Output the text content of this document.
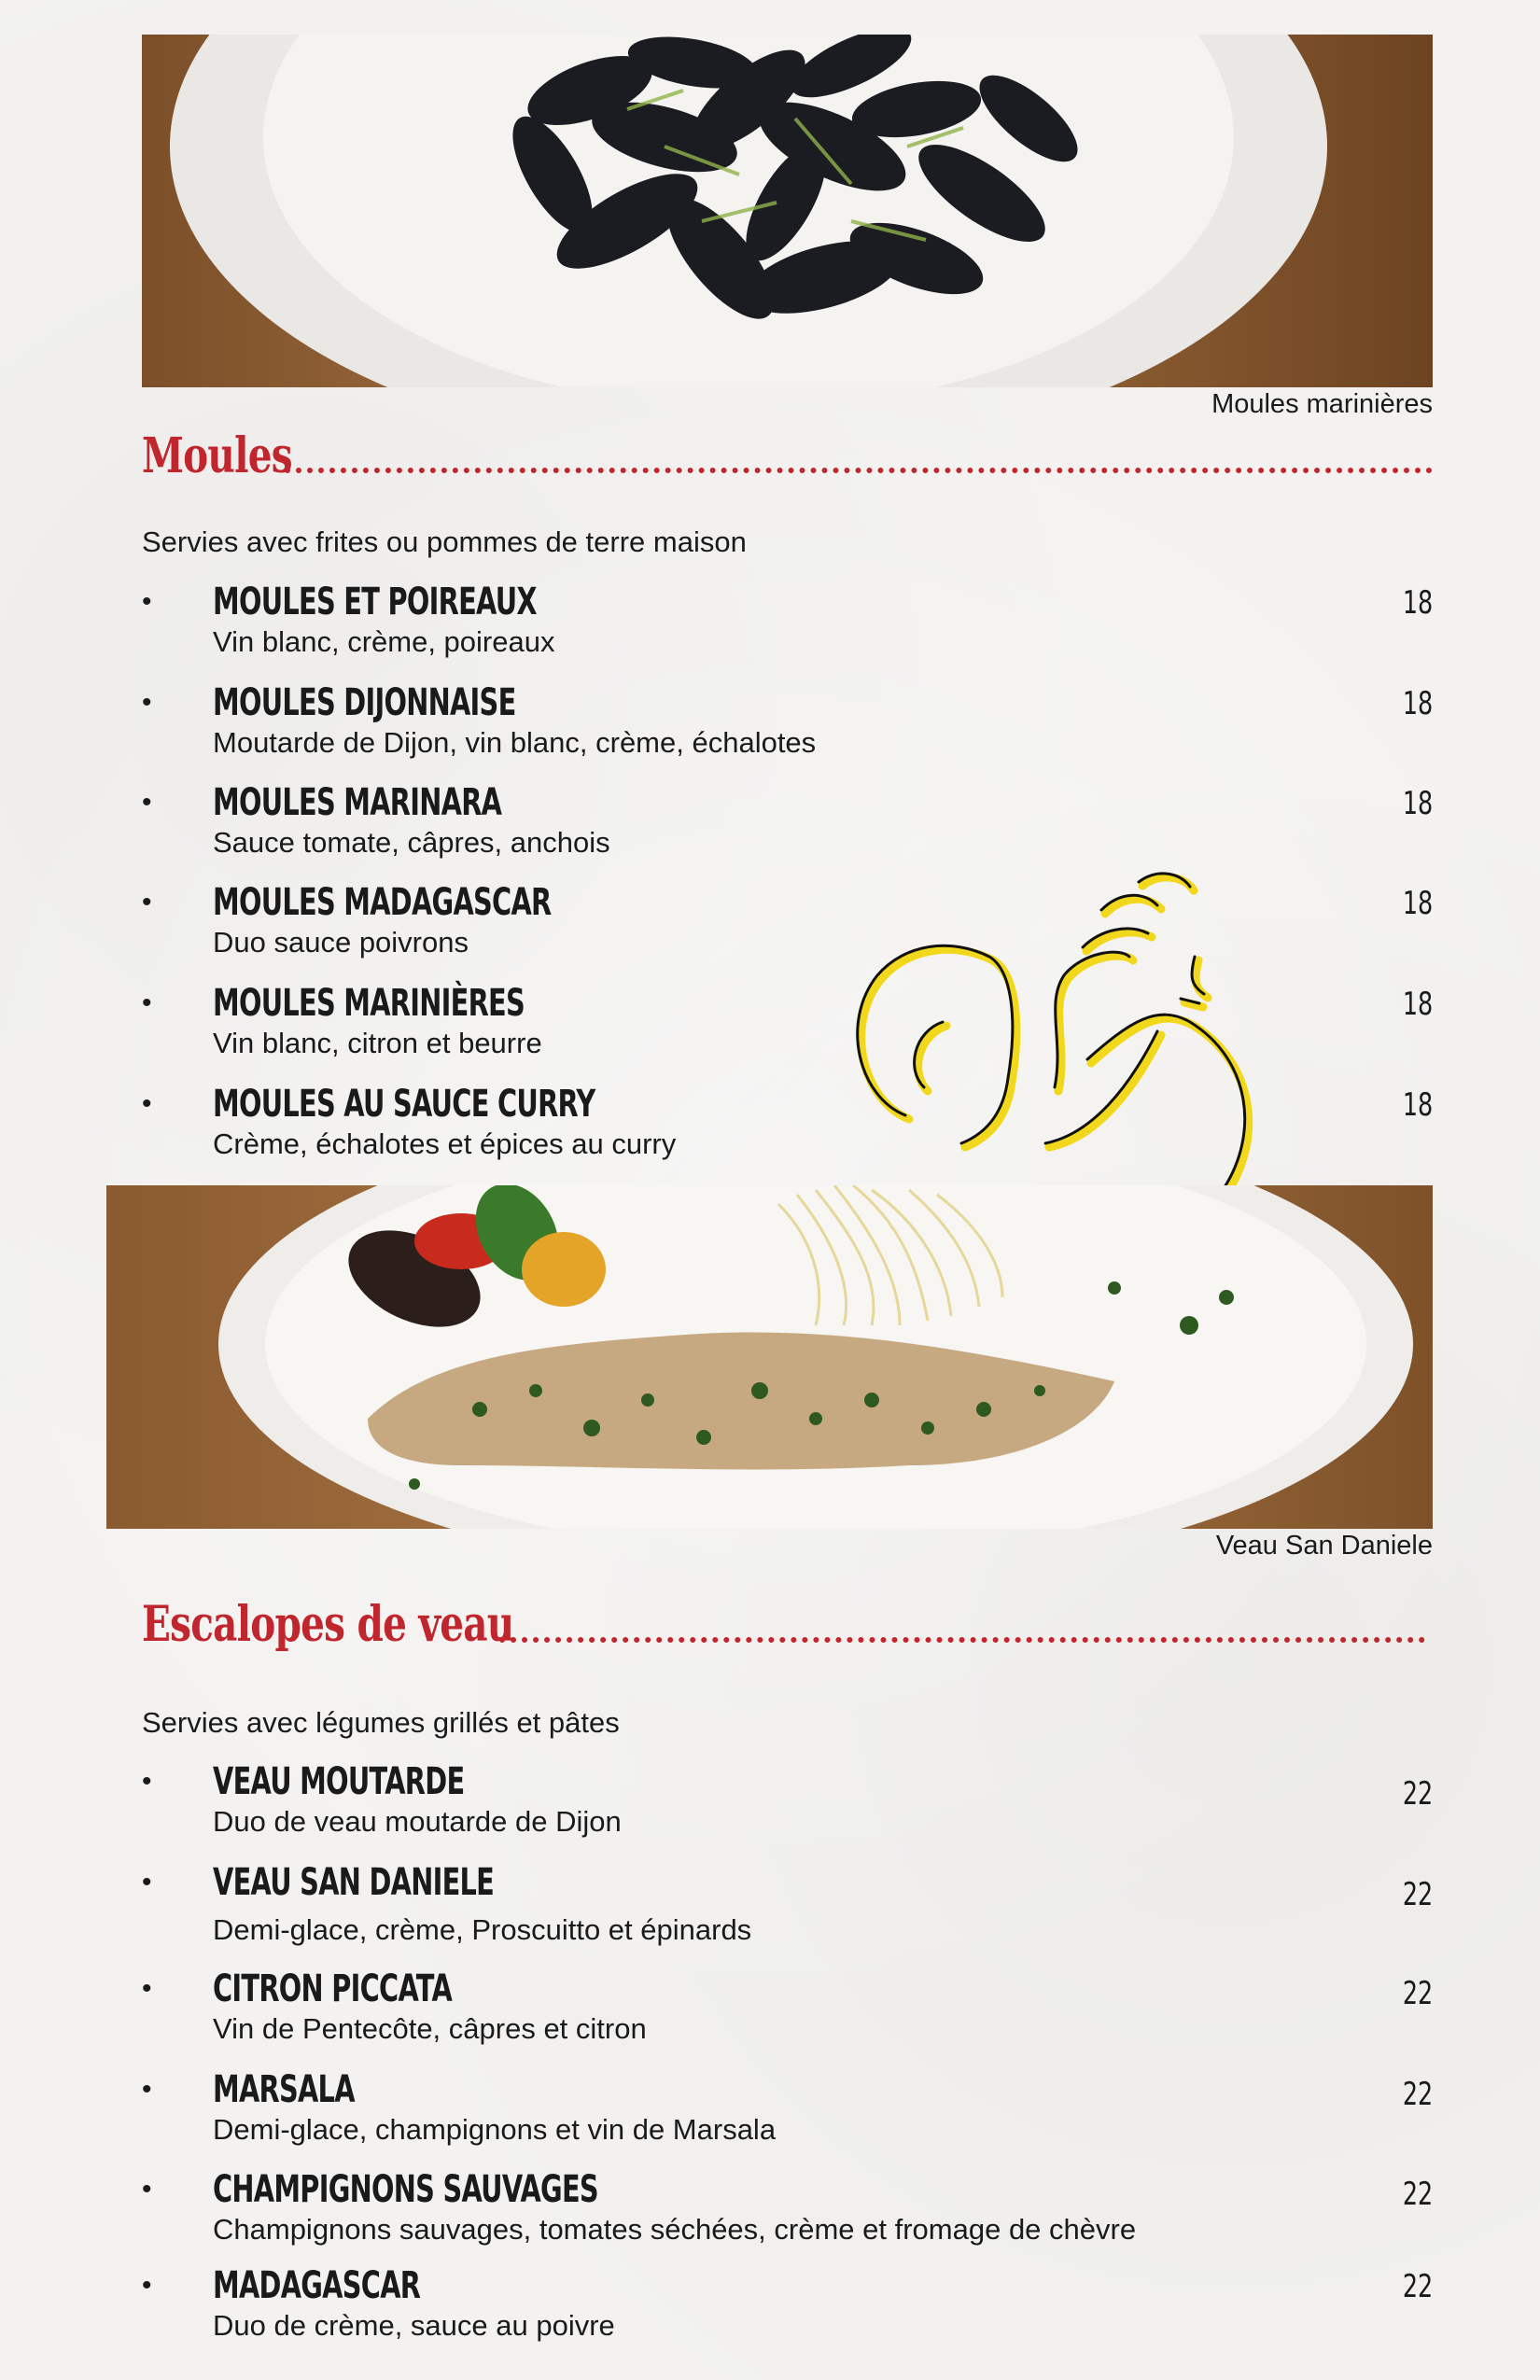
Moules marinières
Moules
Servies avec frites ou pommes de terre maison
• MOULES ET POIREAUX
Vin blanc, crème, poireaux
18
• MOULES DIJONNAISE
Moutarde de Dijon, vin blanc, crème, échalotes
18
• MOULES MARINARA
Sauce tomate, câpres, anchois
18
• MOULES MADAGASCAR
Duo sauce poivrons
18
• MOULES MARINIÈRES
Vin blanc, citron et beurre
18
• MOULES AU SAUCE CURRY
Crème, échalotes et épices au curry
18
Veau San Daniele
Escalopes de veau
Servies avec légumes grillés et pâtes
• VEAU MOUTARDE
Duo de veau moutarde de Dijon
22
• VEAU SAN DANIELE
Demi-glace, crème, Proscuitto et épinards
22
• CITRON PICCATA
Vin de Pentecôte, câpres et citron
22
• MARSALA
Demi-glace, champignons et vin de Marsala
22
• CHAMPIGNONS SAUVAGES
Champignons sauvages, tomates séchées, crème et fromage de chèvre
22
• MADAGASCAR
Duo de crème, sauce au poivre
22
